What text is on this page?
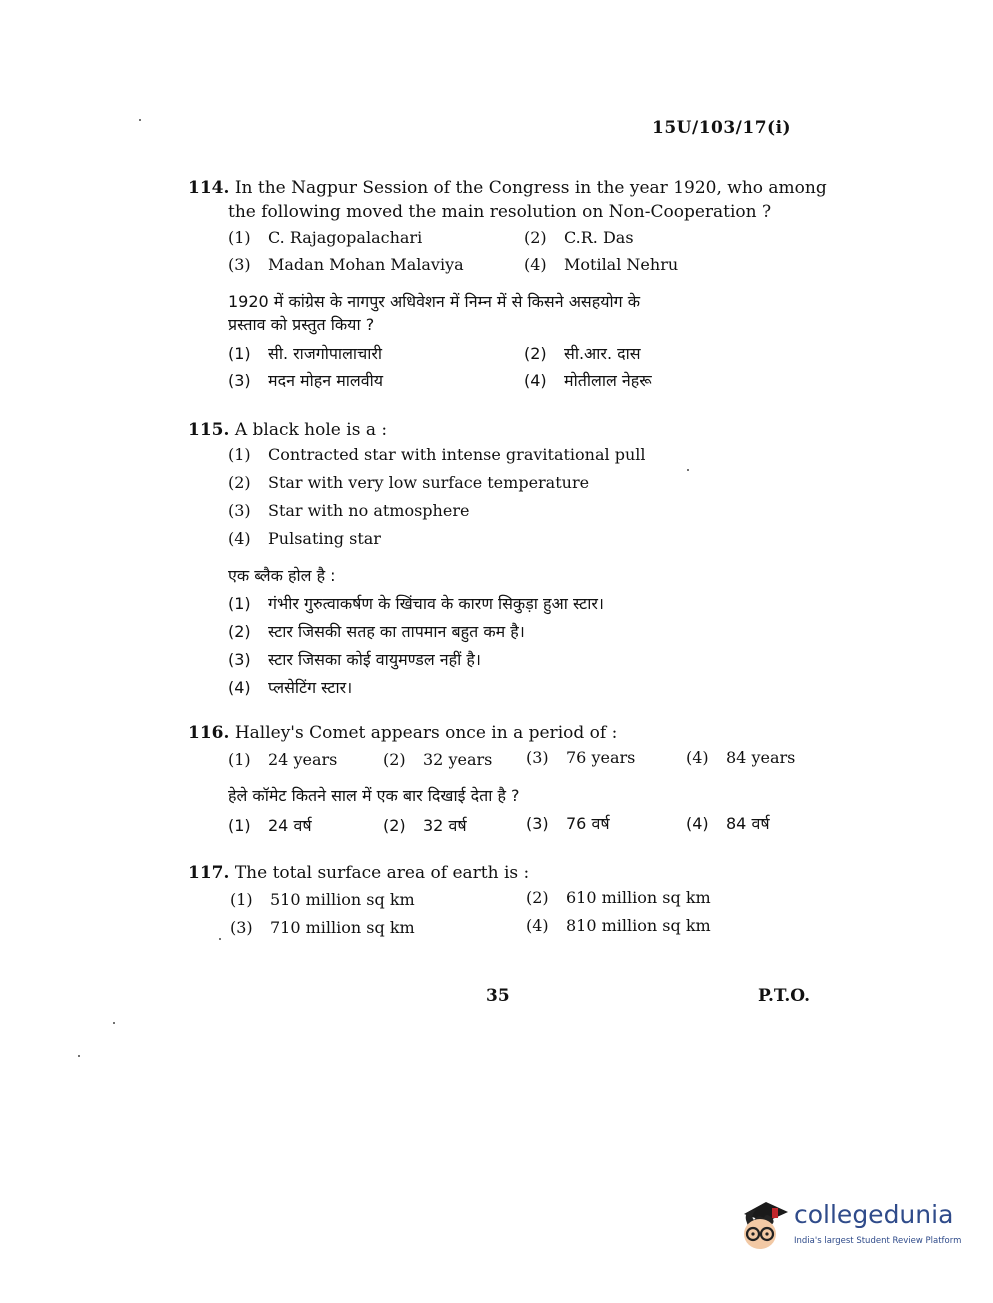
15U/103/17(i)
114. In the Nagpur Session of the Congress in the year 1920, who among
the following moved the main resolution on Non-Cooperation ?
(1) C. Rajagopalachari	(2) C.R. Das
(3) Madan Mohan Malaviya	(4) Motilal Nehru
1920 में कांग्रेस के नागपुर अधिवेशन में निम्न में से किसने असहयोग के
प्रस्ताव को प्रस्तुत किया ?
(1) सी. राजगोपालाचारी	(2) सी.आर. दास
(3) मदन मोहन मालवीय	(4) मोतीलाल नेहरू
115. A black hole is a :
(1) Contracted star with intense gravitational pull
(2) Star with very low surface temperature
(3) Star with no atmosphere
(4) Pulsating star
एक ब्लैक होल है :
(1) गंभीर गुरुत्वाकर्षण के खिंचाव के कारण सिकुड़ा हुआ स्टार।
(2) स्टार जिसकी सतह का तापमान बहुत कम है।
(3) स्टार जिसका कोई वायुमण्डल नहीं है।
(4) प्लसेटिंग स्टार।
116. Halley's Comet appears once in a period of :
(1) 24 years	(2) 32 years (3) 76 years	(4) 84 years
हेले कॉमेट कितने साल में एक बार दिखाई देता है ?
(1) 24 वर्ष	(2) 32 वर्ष	(3) 76 वर्ष	(4) 84 वर्ष
117. The total surface area of earth is :
(1) 510 million sq km	(2) 610 million sq km
(3) 710 million sq km	(4) 810 million sq km
35	P.T.O.
collegedunia
India's largest Student Review Platform
